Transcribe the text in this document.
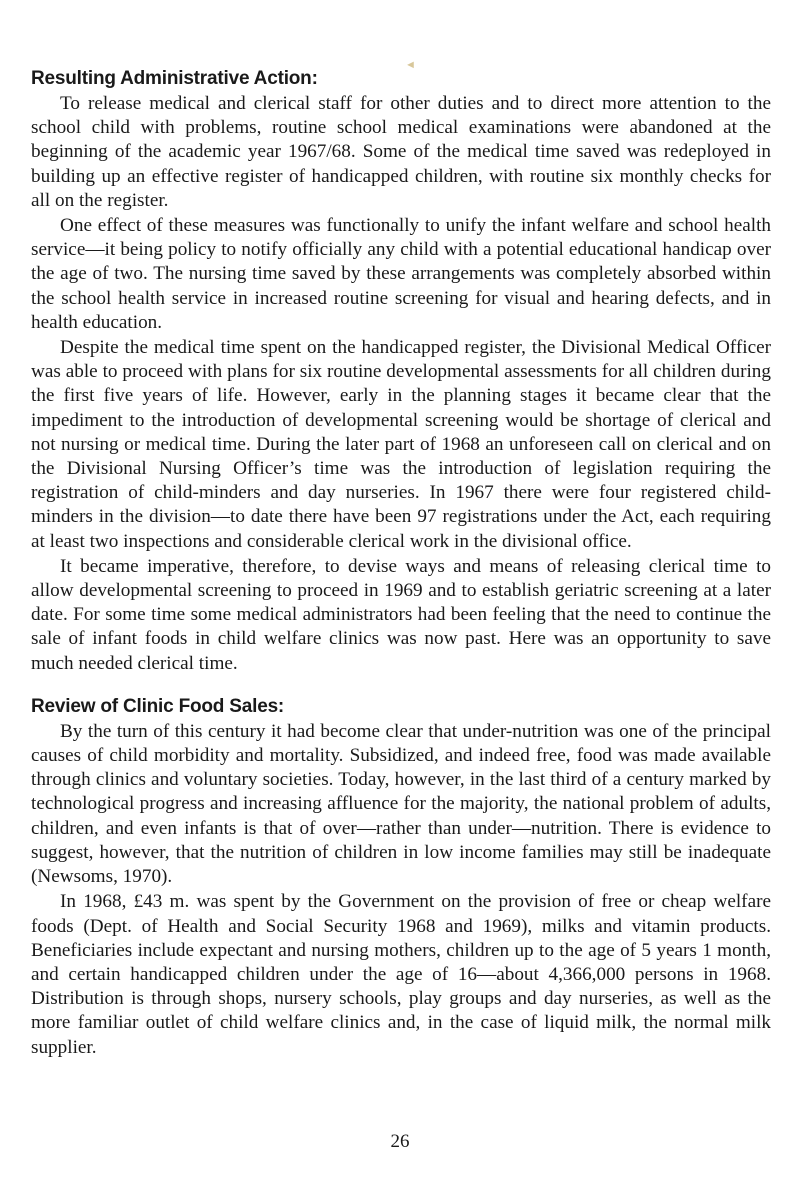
◄
Resulting Administrative Action:

To release medical and clerical staff for other duties and to direct more attention to the school child with problems, routine school medical examinations were abandoned at the beginning of the academic year 1967/68. Some of the medical time saved was redeployed in building up an effective register of handicapped children, with routine six monthly checks for all on the register.

One effect of these measures was functionally to unify the infant welfare and school health service—it being policy to notify officially any child with a potential educational handicap over the age of two. The nursing time saved by these arrangements was completely absorbed within the school health service in increased routine screening for visual and hearing defects, and in health education.

Despite the medical time spent on the handicapped register, the Divisional Medical Officer was able to proceed with plans for six routine developmental assessments for all children during the first five years of life. However, early in the planning stages it became clear that the impediment to the introduction of developmental screening would be shortage of clerical and not nursing or medical time. During the later part of 1968 an unforeseen call on clerical and on the Divisional Nursing Officer’s time was the introduction of legislation requiring the registration of child-minders and day nurseries. In 1967 there were four registered child-minders in the division—to date there have been 97 registrations under the Act, each requiring at least two inspections and considerable clerical work in the divisional office.

It became imperative, therefore, to devise ways and means of releasing clerical time to allow developmental screening to proceed in 1969 and to establish geriatric screening at a later date. For some time some medical administrators had been feeling that the need to continue the sale of infant foods in child welfare clinics was now past. Here was an opportunity to save much needed clerical time.

Review of Clinic Food Sales:

By the turn of this century it had become clear that under-nutrition was one of the principal causes of child morbidity and mortality. Subsidized, and indeed free, food was made available through clinics and voluntary societies. Today, however, in the last third of a century marked by technological progress and increasing affluence for the majority, the national problem of adults, children, and even infants is that of over—rather than under—nutrition. There is evidence to suggest, however, that the nutrition of children in low income families may still be inadequate (Newsoms, 1970).

In 1968, £43 m. was spent by the Government on the provision of free or cheap welfare foods (Dept. of Health and Social Security 1968 and 1969), milks and vitamin products. Beneficiaries include expectant and nursing mothers, children up to the age of 5 years 1 month, and certain handicapped children under the age of 16—about 4,366,000 persons in 1968. Distribution is through shops, nursery schools, play groups and day nurseries, as well as the more familiar outlet of child welfare clinics and, in the case of liquid milk, the normal milk supplier.

26
